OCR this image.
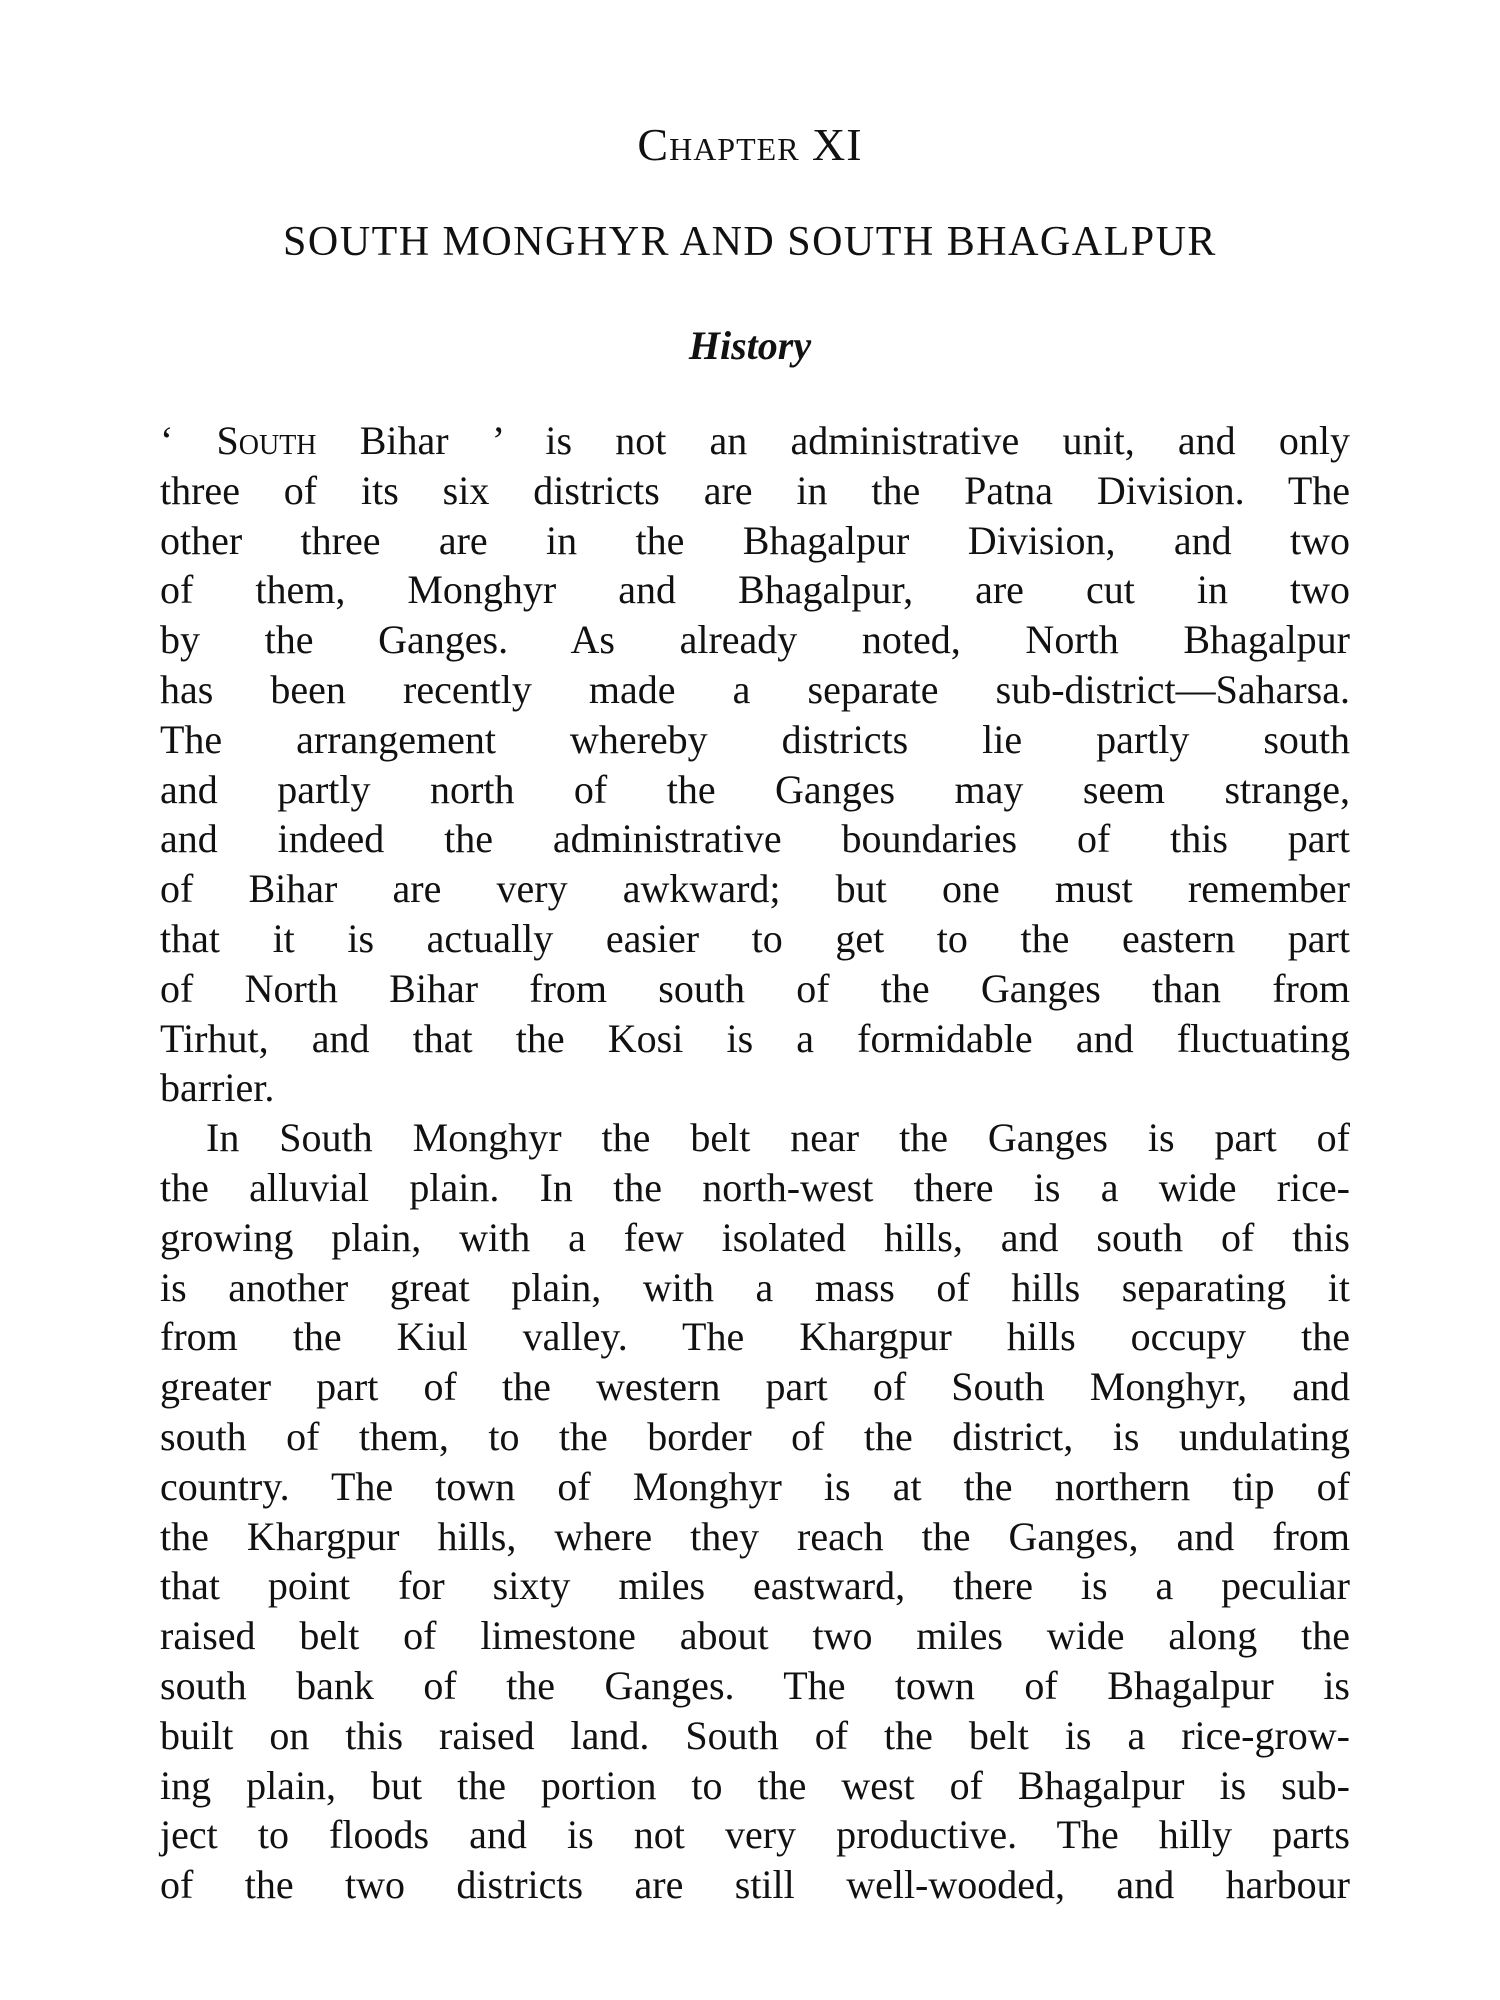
Chapter XI
SOUTH MONGHYR AND SOUTH BHAGALPUR
History
‘ South Bihar ’ is not an administrative unit, and only
three of its six districts are in the Patna Division. The
other three are in the Bhagalpur Division, and two
of them, Monghyr and Bhagalpur, are cut in two
by the Ganges. As already noted, North Bhagalpur
has been recently made a separate sub-district—Saharsa.
The arrangement whereby districts lie partly south
and partly north of the Ganges may seem strange,
and indeed the administrative boundaries of this part
of Bihar are very awkward; but one must remember
that it is actually easier to get to the eastern part
of North Bihar from south of the Ganges than from
Tirhut, and that the Kosi is a formidable and fluctuating
barrier.
In South Monghyr the belt near the Ganges is part of
the alluvial plain. In the north-west there is a wide rice-
growing plain, with a few isolated hills, and south of this
is another great plain, with a mass of hills separating it
from the Kiul valley. The Khargpur hills occupy the
greater part of the western part of South Monghyr, and
south of them, to the border of the district, is undulating
country. The town of Monghyr is at the northern tip of
the Khargpur hills, where they reach the Ganges, and from
that point for sixty miles eastward, there is a peculiar
raised belt of limestone about two miles wide along the
south bank of the Ganges. The town of Bhagalpur is
built on this raised land. South of the belt is a rice-grow-
ing plain, but the portion to the west of Bhagalpur is sub-
ject to floods and is not very productive. The hilly parts
of the two districts are still well-wooded, and harbour
